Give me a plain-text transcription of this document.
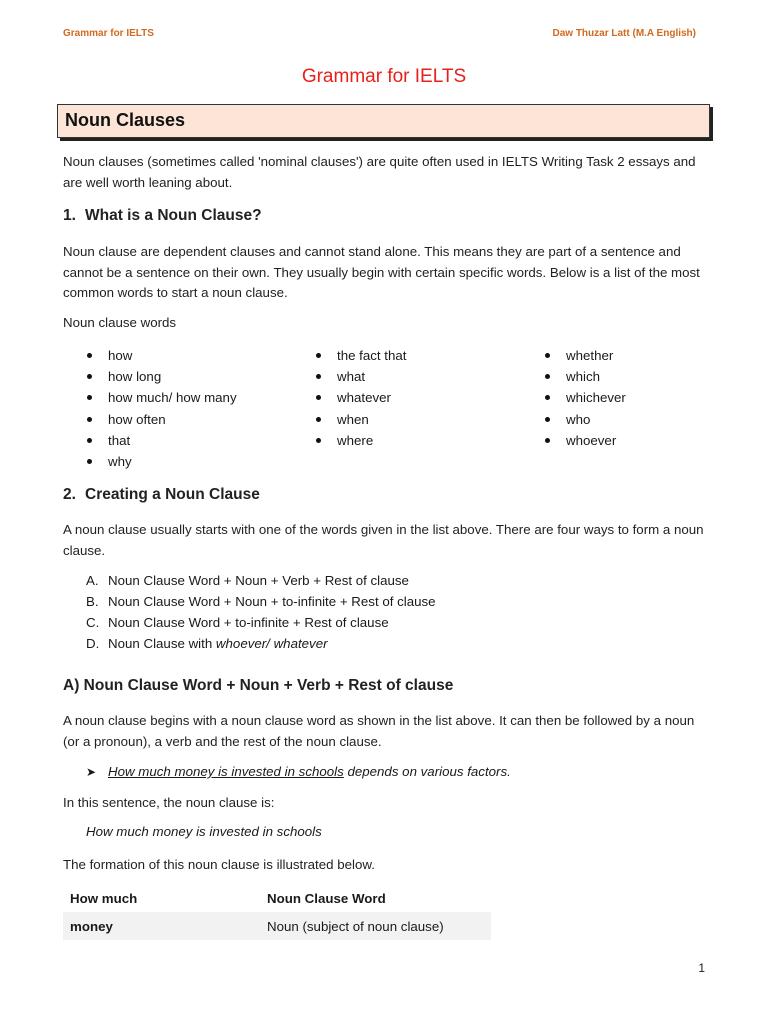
Grammar for IELTS	Daw Thuzar Latt (M.A English)
Grammar for IELTS
Noun Clauses
Noun clauses (sometimes called 'nominal clauses') are quite often used in IELTS Writing Task 2 essays and are well worth leaning about.
1. What is a Noun Clause?
Noun clause are dependent clauses and cannot stand alone. This means they are part of a sentence and cannot be a sentence on their own. They usually begin with certain specific words. Below is a list of the most common words to start a noun clause.
Noun clause words
how
how long
how much/ how many
how often
that
why
the fact that
what
whatever
when
where
whether
which
whichever
who
whoever
2. Creating a Noun Clause
A noun clause usually starts with one of the words given in the list above. There are four ways to form a noun clause.
A. Noun Clause Word + Noun + Verb + Rest of clause
B. Noun Clause Word + Noun + to-infinite + Rest of clause
C. Noun Clause Word + to-infinite + Rest of clause
D. Noun Clause with whoever/ whatever
A) Noun Clause Word + Noun + Verb + Rest of clause
A noun clause begins with a noun clause word as shown in the list above. It can then be followed by a noun (or a pronoun), a verb and the rest of the noun clause.
➤ How much money is invested in schools depends on various factors.
In this sentence, the noun clause is:
How much money is invested in schools
The formation of this noun clause is illustrated below.
How much	Noun Clause Word
money	Noun (subject of noun clause)
1
